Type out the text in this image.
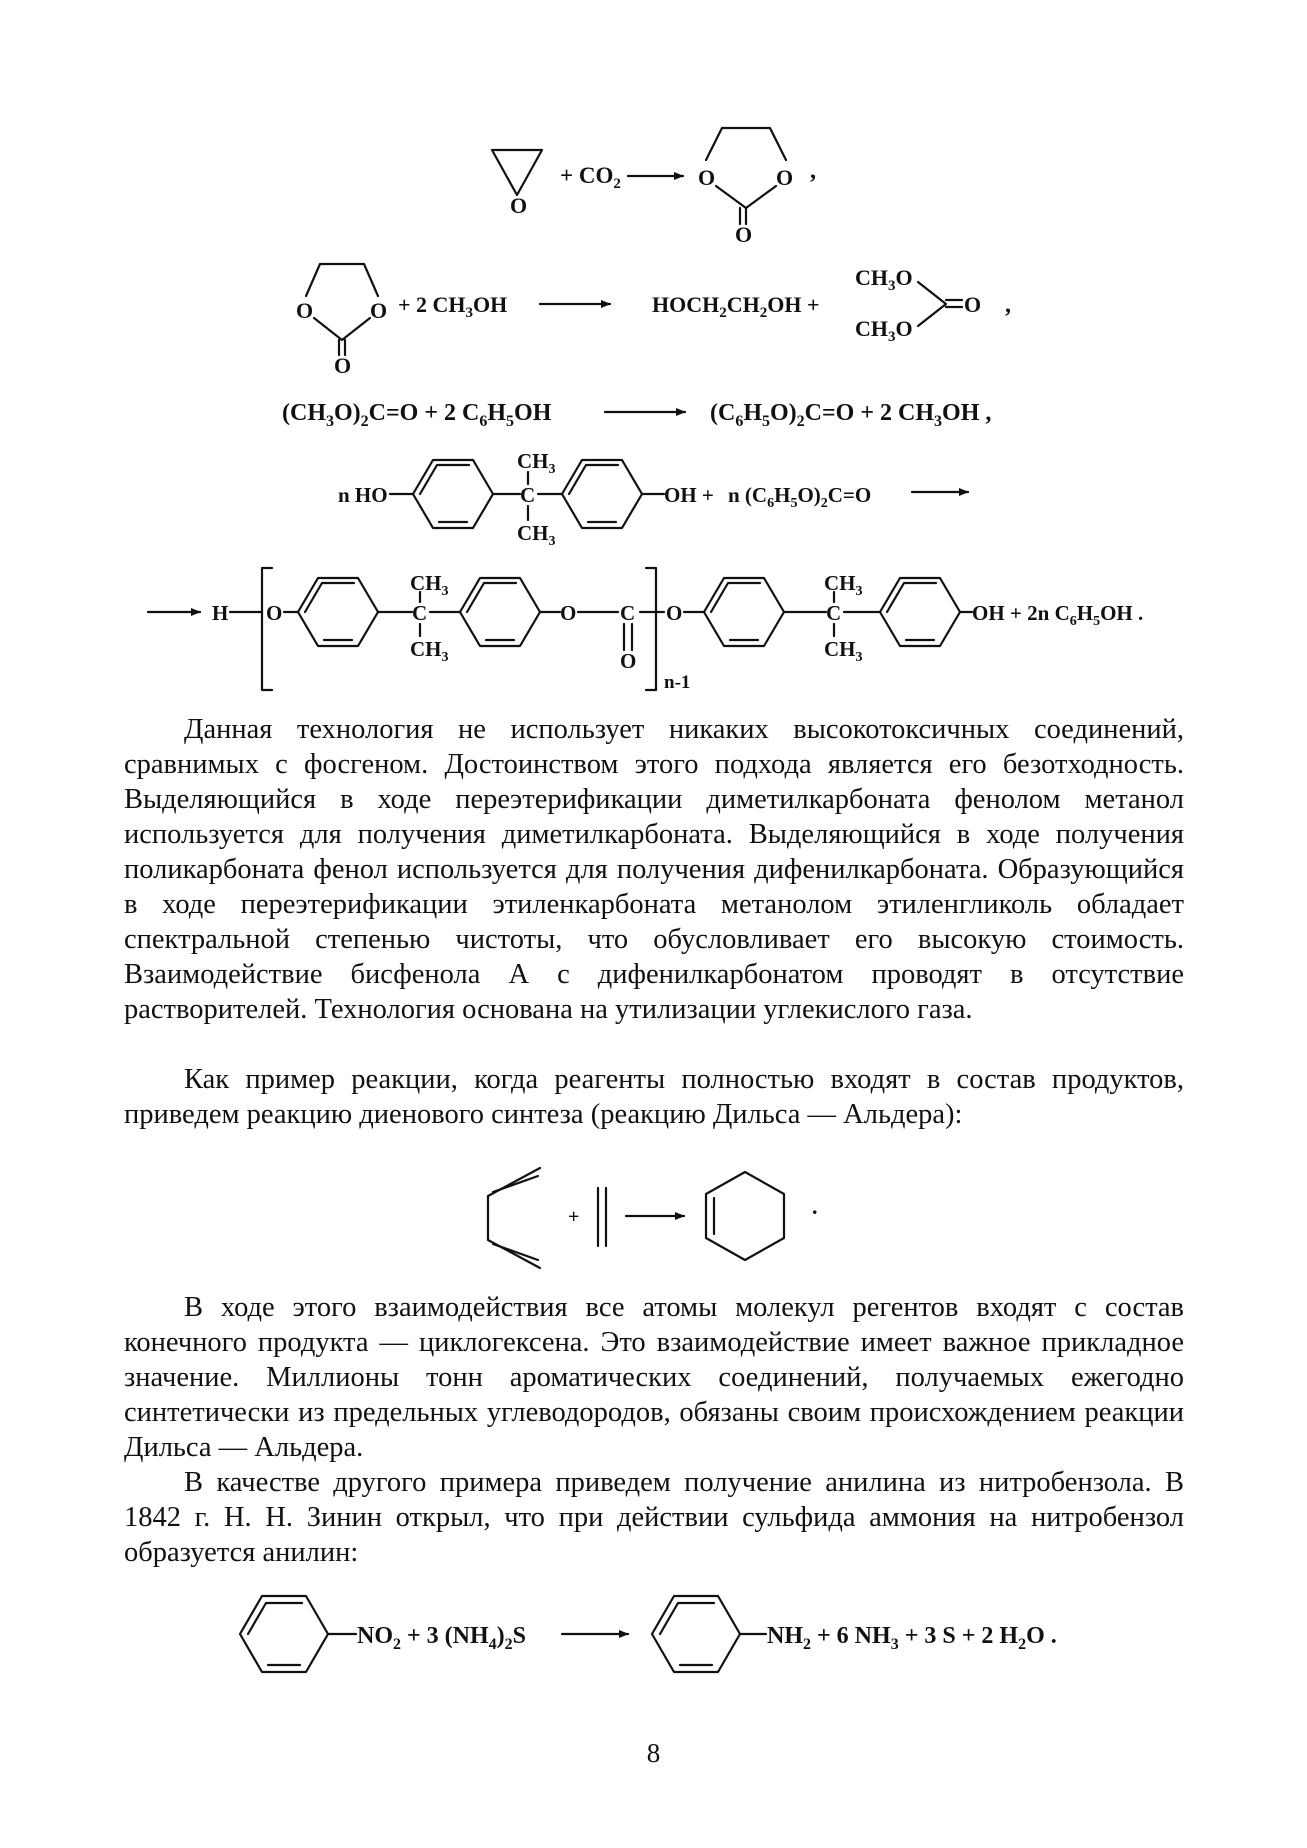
O
+ $CO_2$	O	O
O
,
O	O
O
+ 2 $CH_3OH$	$HOCH_2CH_2OH$ +
$CH_3O$
$CH_3O$
O ,
$(CH_3O)_2C=O + 2$ $C_6H_5OH$	$(C_6H_5O)_2C=O + 2$ $CH_3OH$ ,
n HO	C
$CH_3$
$CH_3$
OH + n $(C_6H_5O)_2C=O$
H O	C
$CH_3$
$CH_3$
O C
O
n-1
O	C
$CH_3$
$CH_3$
OH + 2n $C_6H_5OH$ .
+	.
$NO_2 + 3$ $(NH_4)_2S$	$NH_2 + 6$ $NH_3 + 3$ S + 2 $H_2O$ .

Данная технология не использует никаких высокотоксичных соединений, сравнимых с фосгеном. Достоинством этого подхода является его безотходность. Выделяющийся в ходе переэтерификации диметилкарбоната фенолом метанол используется для получения диметилкарбоната. Выделяющийся в ходе получения поликарбоната фенол используется для получения дифенилкарбоната. Образующийся в ходе переэтерификации этиленкарбоната метанолом этиленгликоль обладает спектральной степенью чистоты, что обусловливает его высокую стоимость. Взаимодействие бисфенола А с дифенилкарбонатом проводят в отсутствие растворителей. Технология основана на утилизации углекислого газа.

Как пример реакции, когда реагенты полностью входят в состав продуктов, приведем реакцию диенового синтеза (реакцию Дильса — Альдера):

В ходе этого взаимодействия все атомы молекул регентов входят с состав конечного продукта — циклогексена. Это взаимодействие имеет важное прикладное значение. Миллионы тонн ароматических соединений, получаемых ежегодно синтетически из предельных углеводородов, обязаны своим происхождением реакции Дильса — Альдера.

В качестве другого примера приведем получение анилина из нитробензола. В 1842 г. Н. Н. Зинин открыл, что при действии сульфида аммония на нитробензол образуется анилин:

8
